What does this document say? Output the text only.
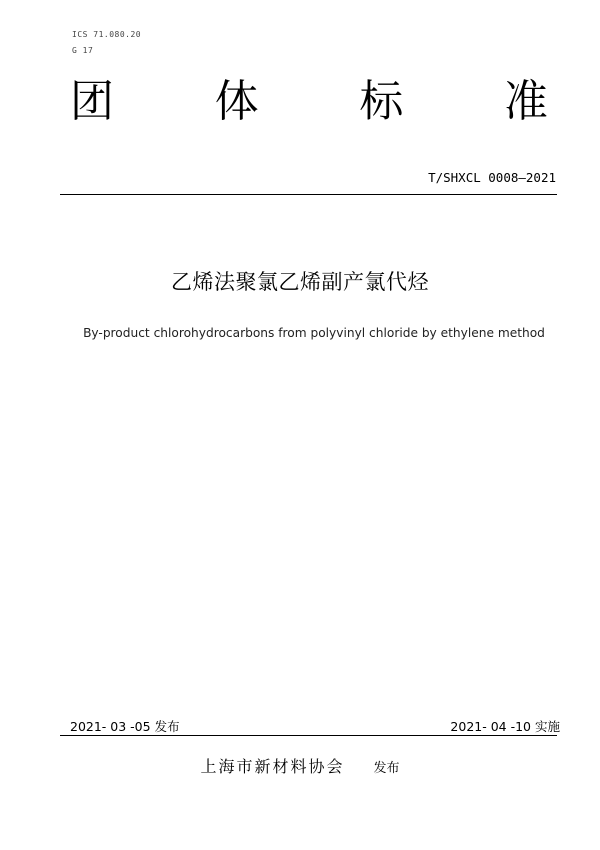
ICS 71.080.20
G 17
团 体 标 准
T/SHXCL 0008—2021
乙烯法聚氯乙烯副产氯代烃
By-product chlorohydrocarbons from polyvinyl chloride by ethylene method
2021- 03 -05 发布	2021- 04 -10 实施
上海市新材料协会 发布
